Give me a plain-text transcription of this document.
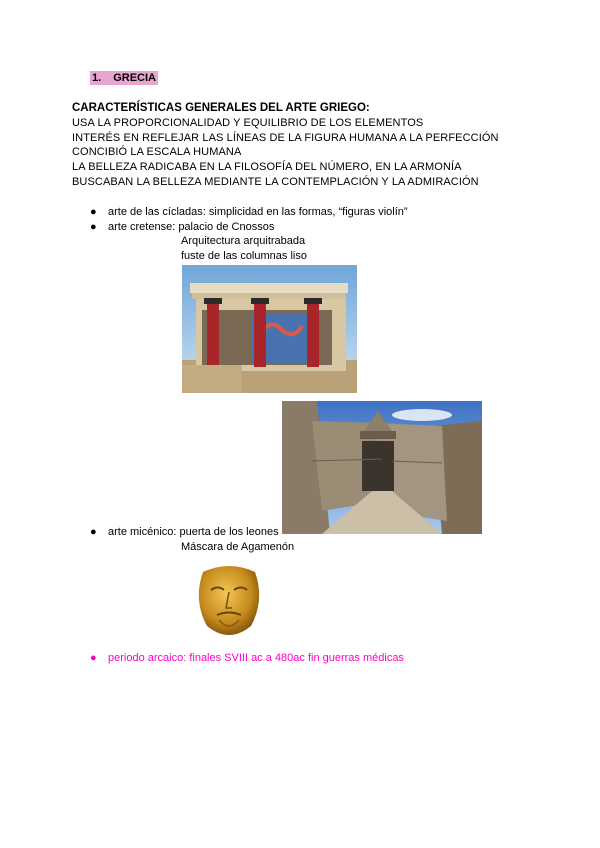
1. GRECIA
CARACTERÍSTICAS GENERALES DEL ARTE GRIEGO:
USA LA PROPORCIONALIDAD Y EQUILIBRIO DE LOS ELEMENTOS
INTERÉS EN REFLEJAR LAS LÍNEAS DE LA FIGURA HUMANA A LA PERFECCIÓN
CONCIBIÓ LA ESCALA HUMANA
LA BELLEZA RADICABA EN LA FILOSOFÍA DEL NÚMERO, EN LA ARMONÍA
BUSCABAN LA BELLEZA MEDIANTE LA CONTEMPLACIÓN Y LA ADMIRACIÓN
● arte de las cícladas: simplicidad en las formas, “figuras violín”
● arte cretense: palacio de Cnossos
Arquitectura arquitrabada
fuste de las columnas liso
● arte micénico: puerta de los leones
Máscara de Agamenón
● periodo arcaico: finales SVIII ac a 480ac fin guerras médicas
